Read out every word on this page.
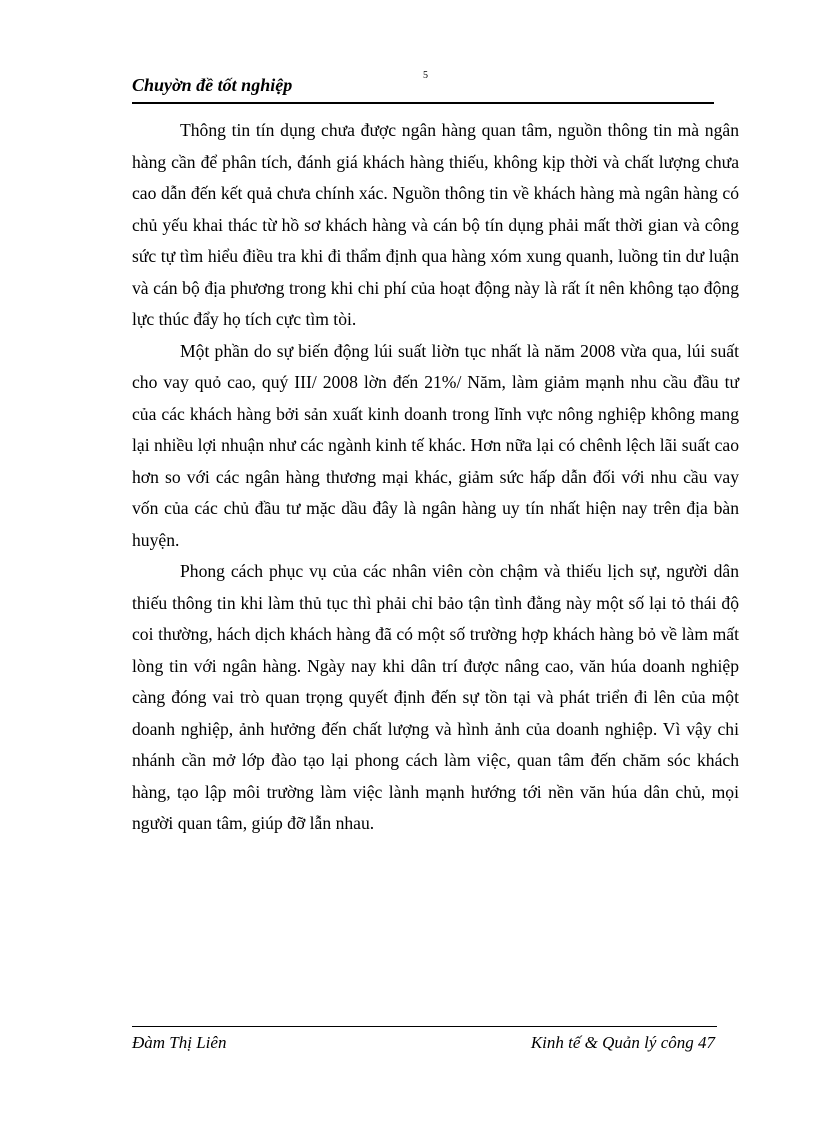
Chuyờn đề tốt nghiệp	5

Thông tin tín dụng chưa được ngân hàng quan tâm, nguồn thông tin mà ngân hàng cần để phân tích, đánh giá khách hàng thiếu, không kịp thời và chất lượng chưa cao dẫn đến kết quả chưa chính xác. Nguồn thông tin về khách hàng mà ngân hàng có chủ yếu khai thác từ hồ sơ khách hàng và cán bộ tín dụng phải mất thời gian và công sức tự tìm hiểu điều tra khi đi thẩm định qua hàng xóm xung quanh, luồng tin dư luận và cán bộ địa phương trong khi chi phí của hoạt động này là rất ít nên không tạo động lực thúc đẩy họ tích cực tìm tòi.

Một phần do sự biến động lúi suất liờn tục nhất là năm 2008 vừa qua, lúi suất cho vay quỏ cao, quý III/ 2008 lờn đến 21%/ Năm, làm giảm mạnh nhu cầu đầu tư của các khách hàng bởi sản xuất kinh doanh trong lĩnh vực nông nghiệp không mang lại nhiều lợi nhuận như các ngành kinh tế khác. Hơn nữa lại có chênh lệch lãi suất cao hơn so với các ngân hàng thương mại khác, giảm sức hấp dẫn đối với nhu cầu vay vốn của các chủ đầu tư mặc dầu đây là ngân hàng uy tín nhất hiện nay trên địa bàn huyện.

Phong cách phục vụ của các nhân viên còn chậm và thiếu lịch sự, người dân thiếu thông tin khi làm thủ tục thì phải chỉ bảo tận tình đằng này một số lại tỏ thái độ coi thường, hách dịch khách hàng đã có một số trường hợp khách hàng bỏ về làm mất lòng tin với ngân hàng. Ngày nay khi dân trí được nâng cao, văn húa doanh nghiệp càng đóng vai trò quan trọng quyết định đến sự tồn tại và phát triển đi lên của một doanh nghiệp, ảnh hưởng đến chất lượng và hình ảnh của doanh nghiệp. Vì vậy chi nhánh cần mở lớp đào tạo lại phong cách làm việc, quan tâm đến chăm sóc khách hàng, tạo lập môi trường làm việc lành mạnh hướng tới nền văn húa dân chủ, mọi người quan tâm, giúp đỡ lẫn nhau.

Đàm Thị Liên	Kinh tế & Quản lý công 47
